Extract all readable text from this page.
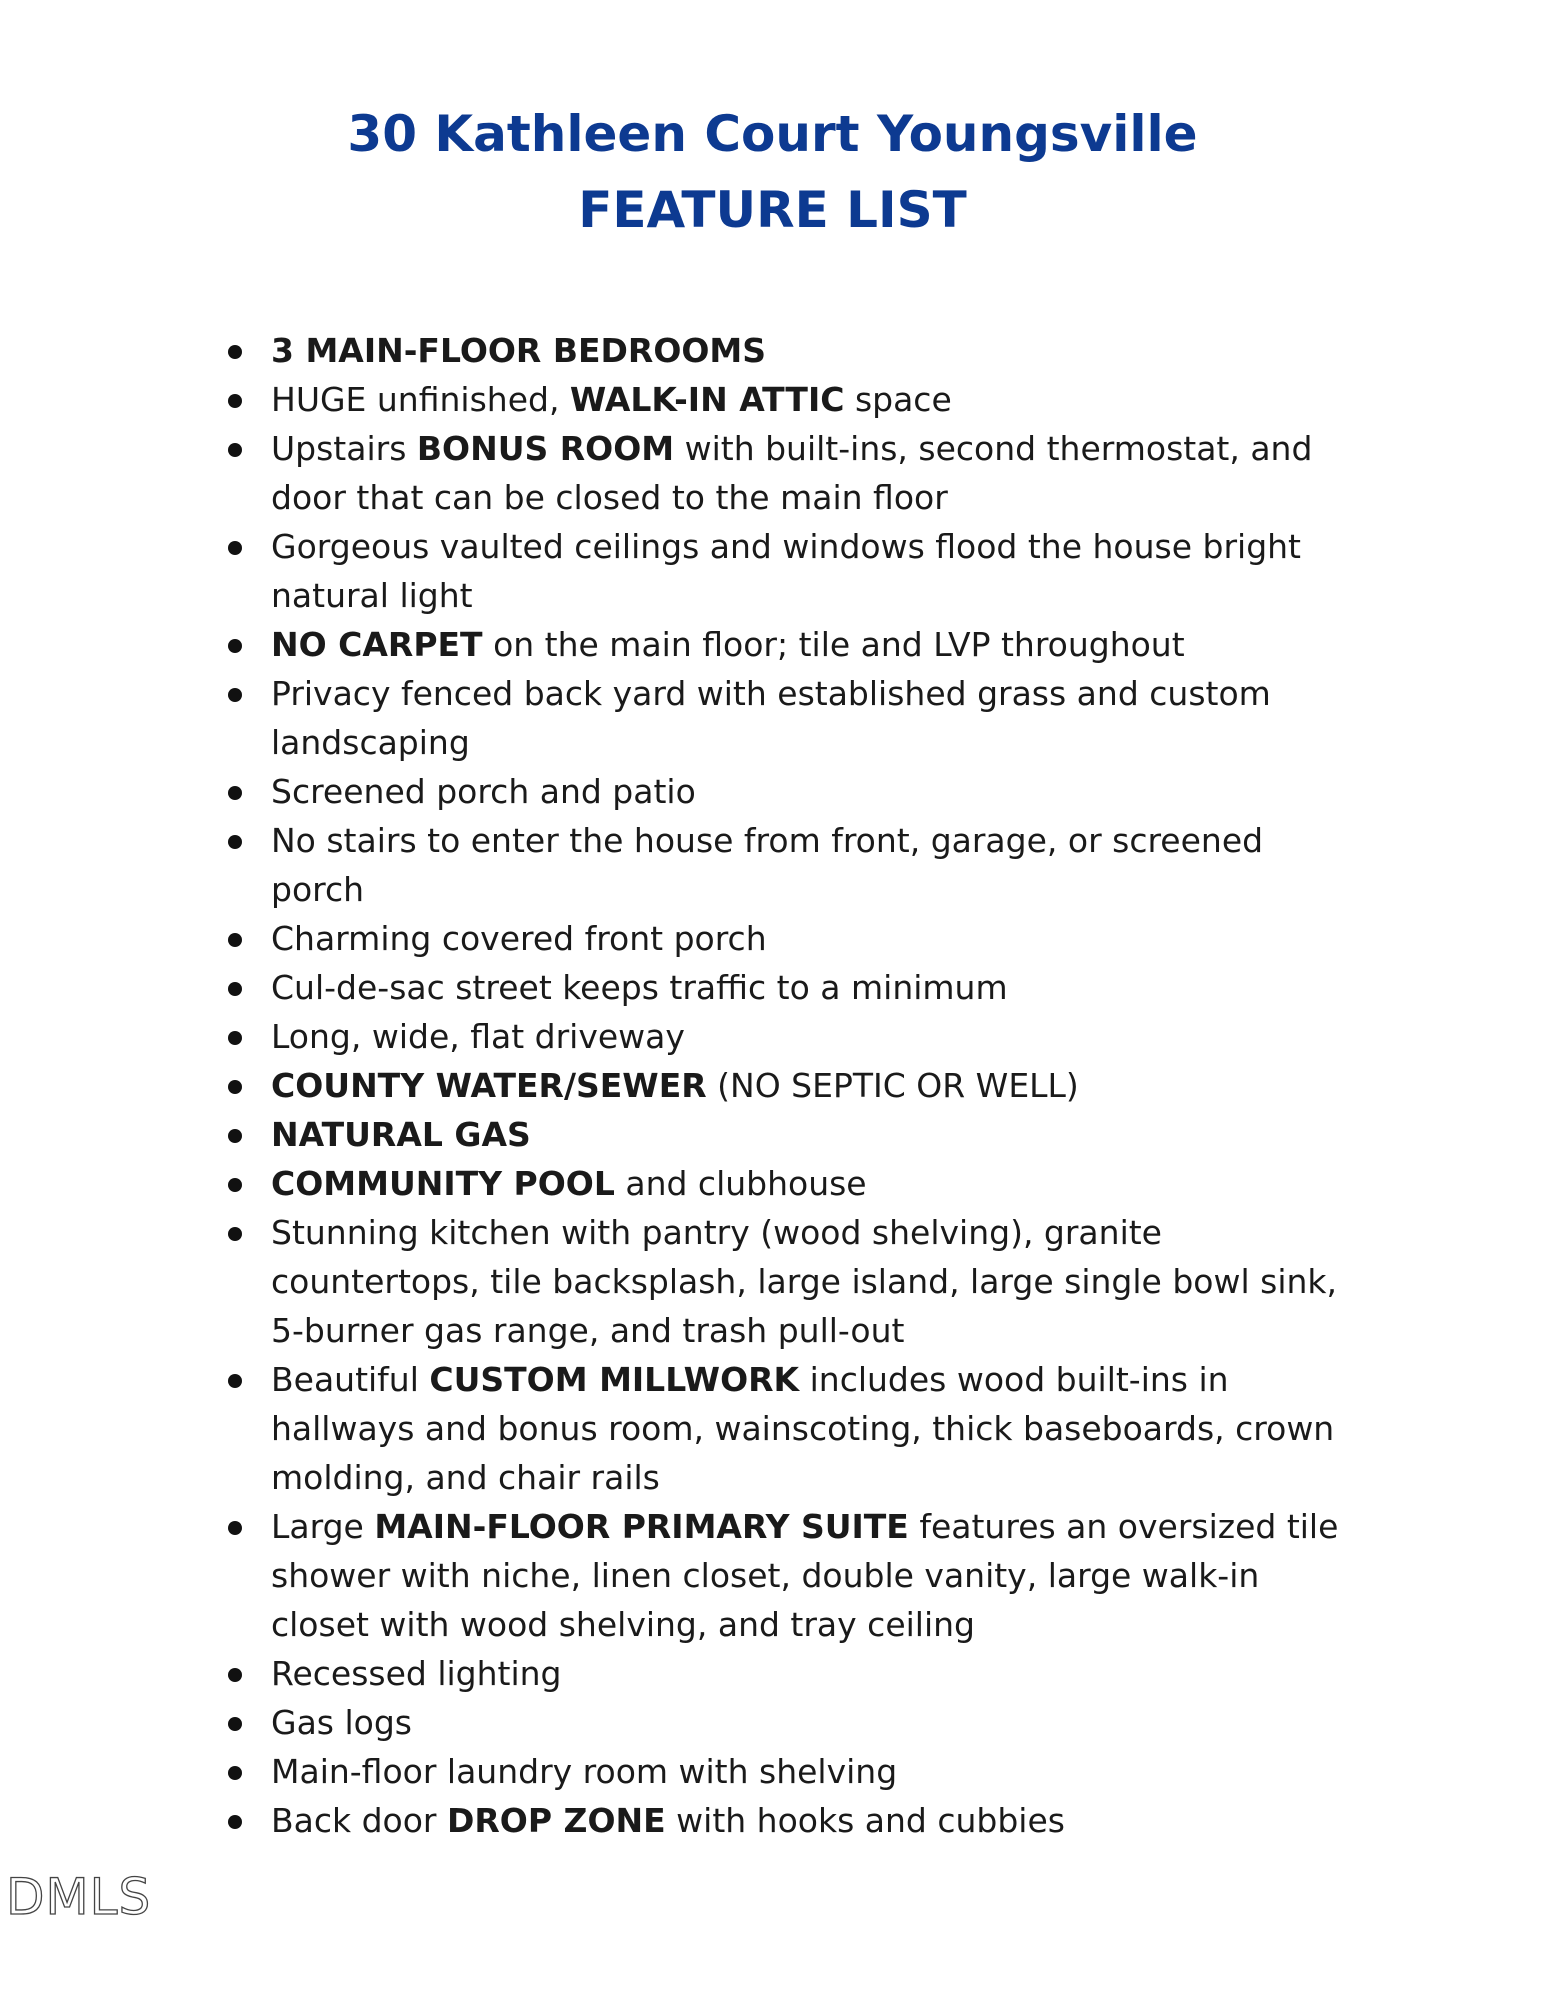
30 Kathleen Court Youngsville
FEATURE LIST
3 MAIN-FLOOR BEDROOMS
HUGE unfinished, WALK-IN ATTIC space
Upstairs BONUS ROOM with built-ins, second thermostat, and door that can be closed to the main floor
Gorgeous vaulted ceilings and windows flood the house bright natural light
NO CARPET on the main floor; tile and LVP throughout
Privacy fenced back yard with established grass and custom landscaping
Screened porch and patio
No stairs to enter the house from front, garage, or screened porch
Charming covered front porch
Cul-de-sac street keeps traffic to a minimum
Long, wide, flat driveway
COUNTY WATER/SEWER (NO SEPTIC OR WELL)
NATURAL GAS
COMMUNITY POOL and clubhouse
Stunning kitchen with pantry (wood shelving), granite countertops, tile backsplash, large island, large single bowl sink, 5-burner gas range, and trash pull-out
Beautiful CUSTOM MILLWORK includes wood built-ins in hallways and bonus room, wainscoting, thick baseboards, crown molding, and chair rails
Large MAIN-FLOOR PRIMARY SUITE features an oversized tile shower with niche, linen closet, double vanity, large walk-in closet with wood shelving, and tray ceiling
Recessed lighting
Gas logs
Main-floor laundry room with shelving
Back door DROP ZONE with hooks and cubbies
DMLS
